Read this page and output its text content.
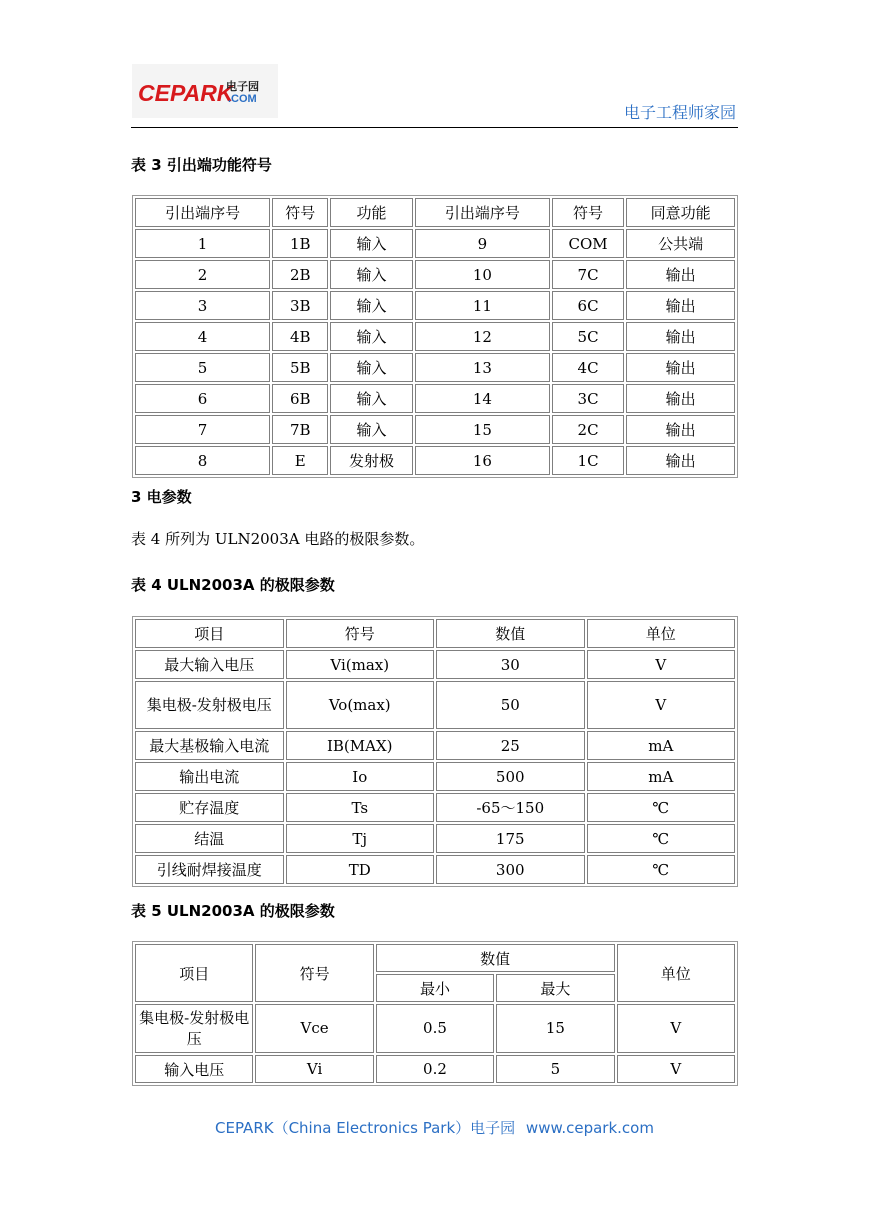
CEPARK
电子园
.COM
电子工程师家园
表 3 引出端功能符号
引出端序号	符号	功能	引出端序号	符号	同意功能
1	1B	输入	9	COM	公共端
2	2B	输入	10	7C	输出
3	3B	输入	11	6C	输出
4	4B	输入	12	5C	输出
5	5B	输入	13	4C	输出
6	6B	输入	14	3C	输出
7	7B	输入	15	2C	输出
8	E	发射极	16	1C	输出
3 电参数
表 4 所列为 ULN2003A 电路的极限参数。
表 4 ULN2003A 的极限参数
项目	符号	数值	单位
最大输入电压	Vi(max)	30	V
集电极-发射极电压	Vo(max)	50	V
最大基极输入电流	IB(MAX)	25	mA
输出电流	Io	500	mA
贮存温度	Ts	-65～150	℃
结温	Tj	175	℃
引线耐焊接温度	TD	300	℃
表 5 ULN2003A 的极限参数
项目	符号	数值		单位
		最小	最大	
集电极-发射极电压	Vce	0.5	15	V
输入电压	Vi	0.2	5	V
CEPARK（China Electronics Park）电子园 www.cepark.com
